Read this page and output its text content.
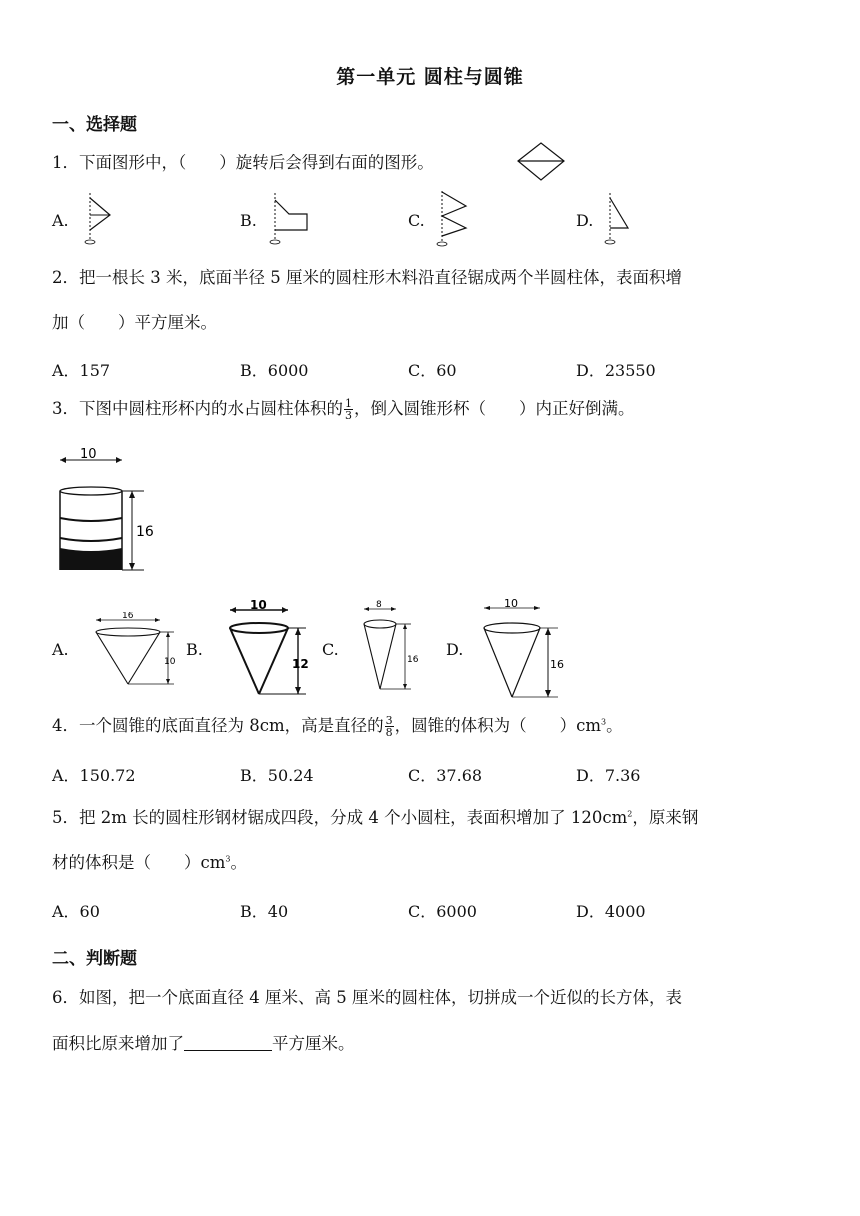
第一单元 圆柱与圆锥
一、选择题
1．下面图形中，（　　）旋转后会得到右面的图形。
A.	B.	C.	D.
2．把一根长 3 米，底面半径 5 厘米的圆柱形木料沿直径锯成两个半圆柱体，表面积增
加（　　）平方厘米。
A．157	B．6000	C．60	D．23550
3．下图中圆柱形杯内的水占圆柱体积的 $\frac{1}{3}$ ，倒入圆锥形杯（　　）内正好倒满。
10
16
A.
16
10
B.
10
12
C.
8
16
D.
10
16
4．一个圆锥的底面直径为 8cm，高是直径的 $\frac{3}{8}$ ，圆锥的体积为（　　）$cm^3$。
A．150.72	B．50.24	C．37.68	D．7.36
5．把 2m 长的圆柱形钢材锯成四段，分成 4 个小圆柱，表面积增加了 $120cm^2$，原来钢
材的体积是（　　）$cm^3$。
A．60	B．40	C．6000	D．4000
二、判断题
6．如图，把一个底面直径 4 厘米、高 5 厘米的圆柱体，切拼成一个近似的长方体，表
面积比原来增加了	平方厘米。
